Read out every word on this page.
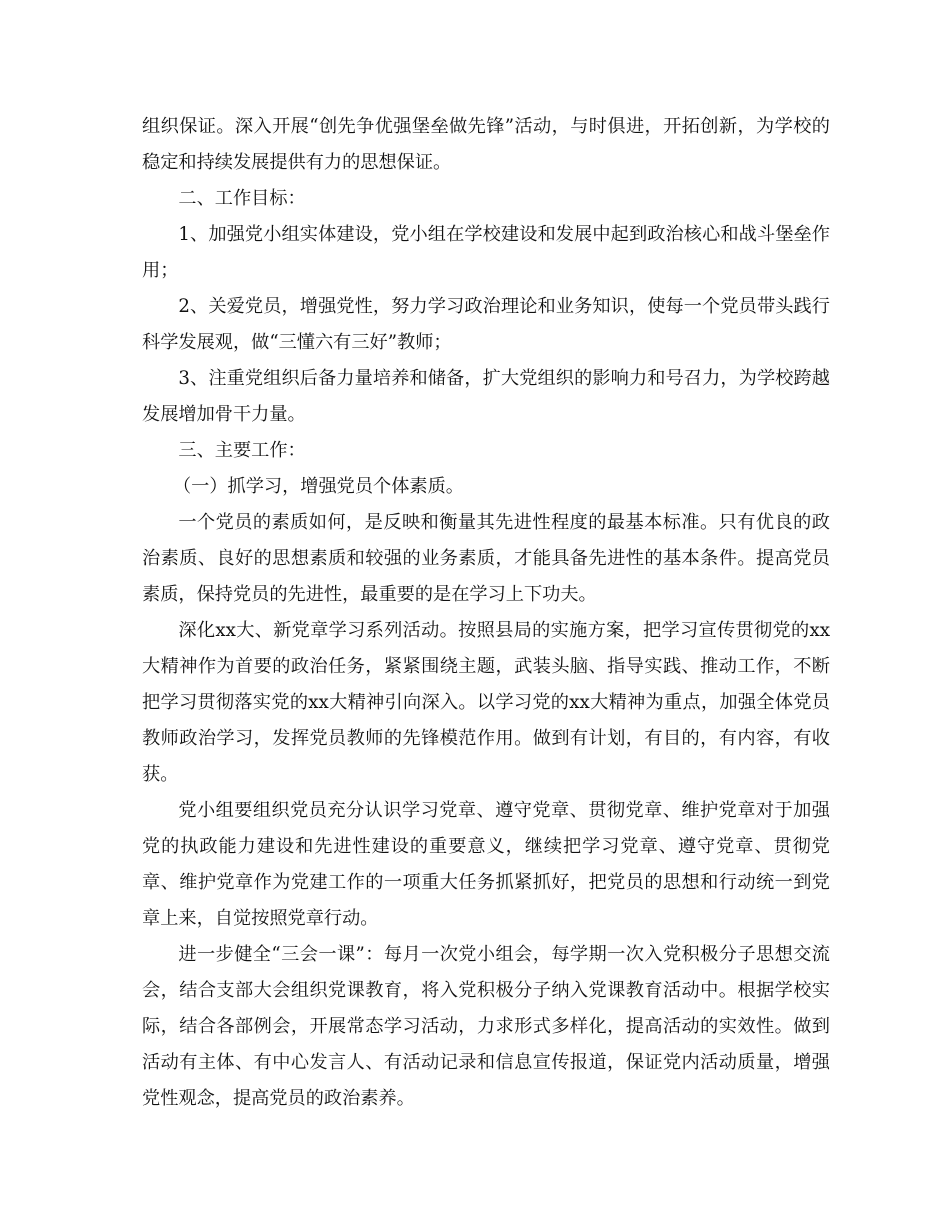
组织保证。深入开展“创先争优强堡垒做先锋”活动，与时俱进，开拓创新，为学校的稳定和持续发展提供有力的思想保证。

二、工作目标：

1、加强党小组实体建设，党小组在学校建设和发展中起到政治核心和战斗堡垒作用；

2、关爱党员，增强党性，努力学习政治理论和业务知识，使每一个党员带头践行科学发展观，做“三懂六有三好”教师；

3、注重党组织后备力量培养和储备，扩大党组织的影响力和号召力，为学校跨越发展增加骨干力量。

三、主要工作：

（一）抓学习，增强党员个体素质。

一个党员的素质如何，是反映和衡量其先进性程度的最基本标准。只有优良的政治素质、良好的思想素质和较强的业务素质，才能具备先进性的基本条件。提高党员素质，保持党员的先进性，最重要的是在学习上下功夫。

深化xx大、新党章学习系列活动。按照县局的实施方案，把学习宣传贯彻党的xx大精神作为首要的政治任务，紧紧围绕主题，武装头脑、指导实践、推动工作，不断把学习贯彻落实党的xx大精神引向深入。以学习党的xx大精神为重点，加强全体党员教师政治学习，发挥党员教师的先锋模范作用。做到有计划，有目的，有内容，有收获。

党小组要组织党员充分认识学习党章、遵守党章、贯彻党章、维护党章对于加强党的执政能力建设和先进性建设的重要意义，继续把学习党章、遵守党章、贯彻党章、维护党章作为党建工作的一项重大任务抓紧抓好，把党员的思想和行动统一到党章上来，自觉按照党章行动。

进一步健全“三会一课”：每月一次党小组会，每学期一次入党积极分子思想交流会，结合支部大会组织党课教育，将入党积极分子纳入党课教育活动中。根据学校实际，结合各部例会，开展常态学习活动，力求形式多样化，提高活动的实效性。做到活动有主体、有中心发言人、有活动记录和信息宣传报道，保证党内活动质量，增强党性观念，提高党员的政治素养。
